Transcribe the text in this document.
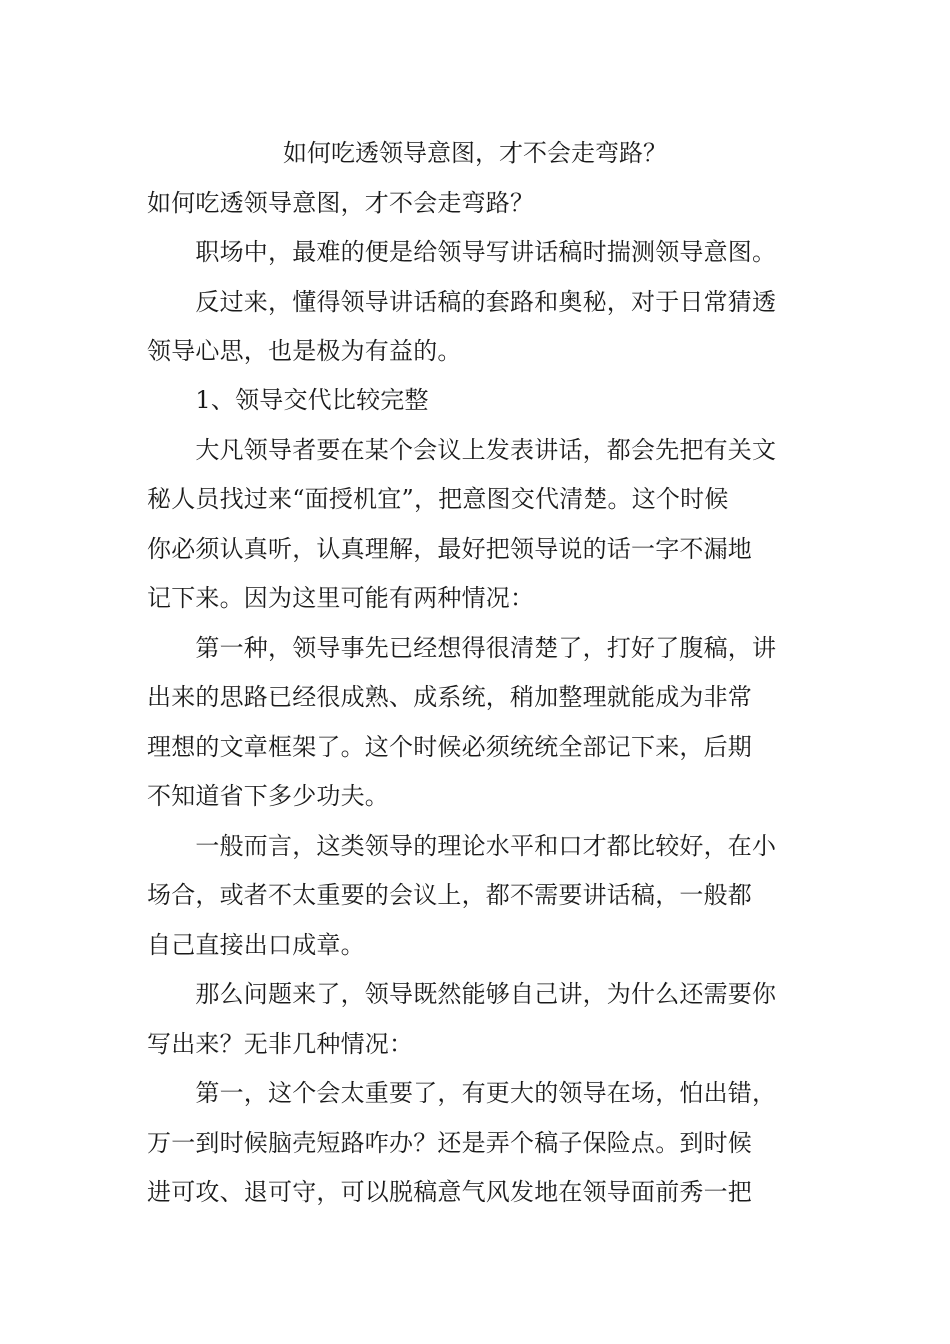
如何吃透领导意图，才不会走弯路？
如何吃透领导意图，才不会走弯路？
　　职场中，最难的便是给领导写讲话稿时揣测领导意图。
　　反过来，懂得领导讲话稿的套路和奥秘，对于日常猜透
领导心思，也是极为有益的。
　　1、领导交代比较完整
　　大凡领导者要在某个会议上发表讲话，都会先把有关文
秘人员找过来“面授机宜”，把意图交代清楚。这个时候
你必须认真听，认真理解，最好把领导说的话一字不漏地
记下来。因为这里可能有两种情况：
　　第一种，领导事先已经想得很清楚了，打好了腹稿，讲
出来的思路已经很成熟、成系统，稍加整理就能成为非常
理想的文章框架了。这个时候必须统统全部记下来，后期
不知道省下多少功夫。
　　一般而言，这类领导的理论水平和口才都比较好，在小
场合，或者不太重要的会议上，都不需要讲话稿，一般都
自己直接出口成章。
　　那么问题来了，领导既然能够自己讲，为什么还需要你
写出来？无非几种情况：
　　第一，这个会太重要了，有更大的领导在场，怕出错，
万一到时候脑壳短路咋办？还是弄个稿子保险点。到时候
进可攻、退可守，可以脱稿意气风发地在领导面前秀一把
